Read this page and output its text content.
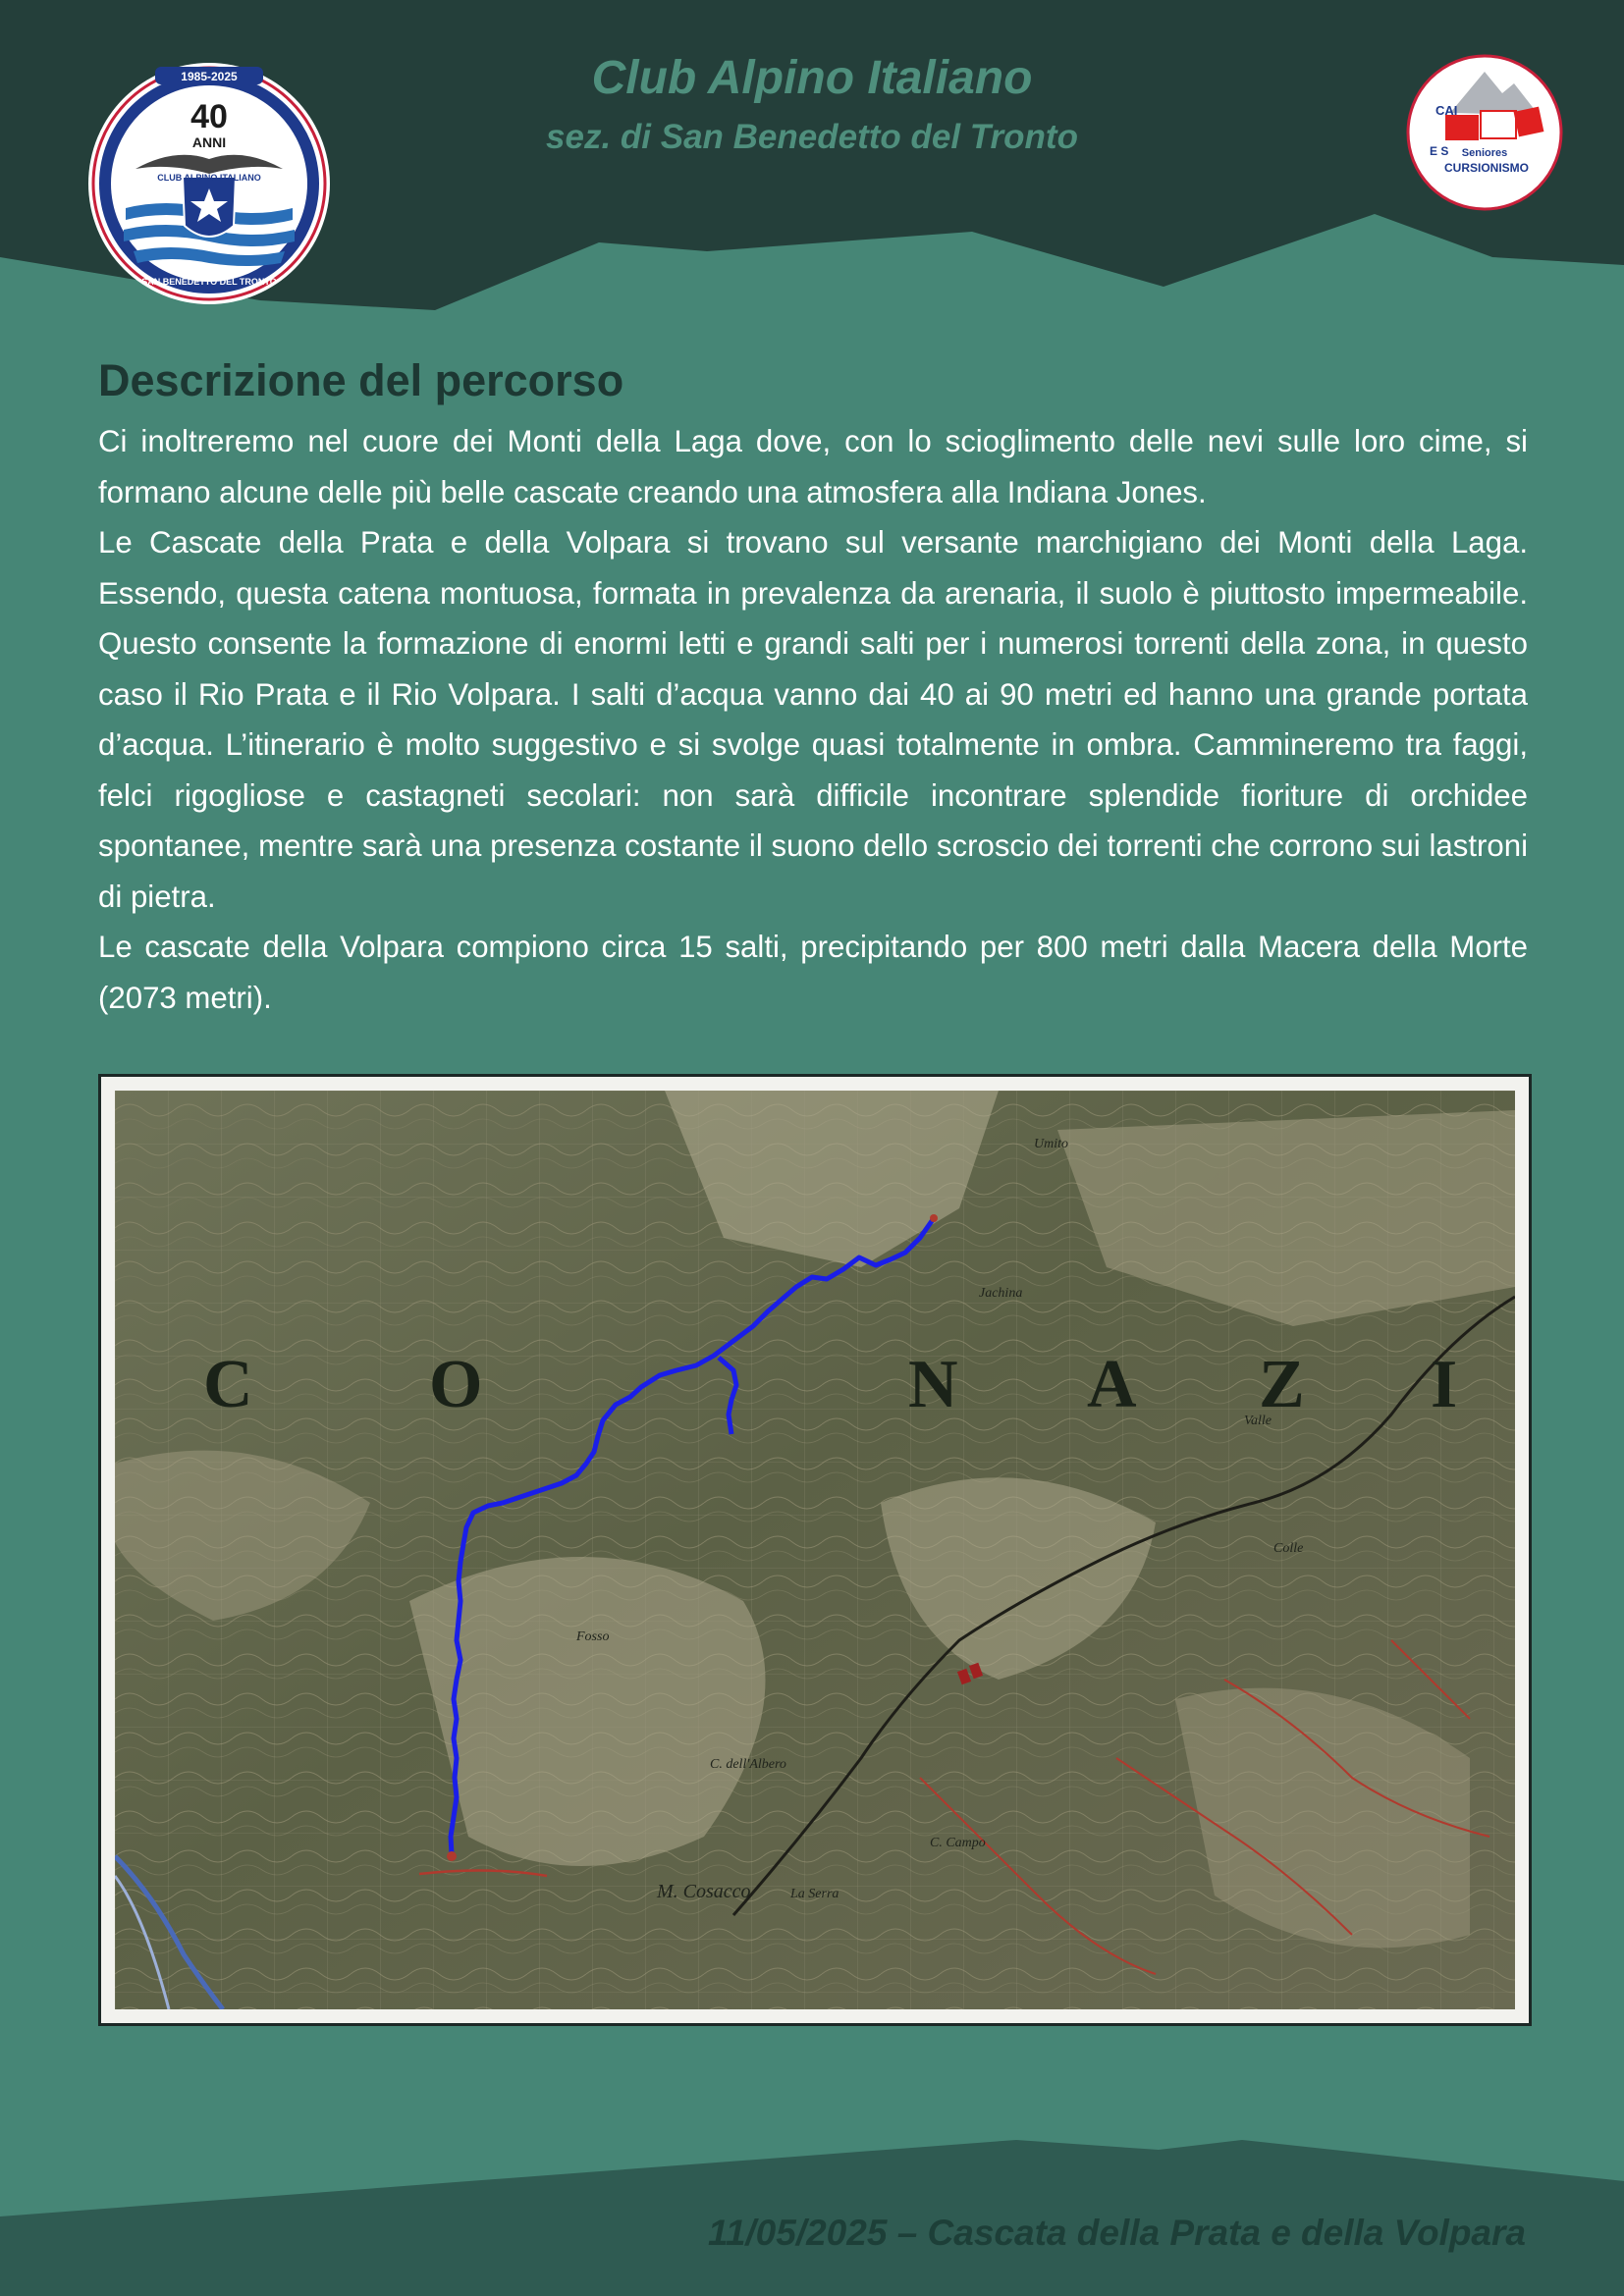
Club Alpino Italiano
sez. di San Benedetto del Tronto
1985-2025
40
ANNI
CLUB ALPINO ITALIANO
SAN BENEDETTO DEL TRONTO
CAI
E S Seniores
CURSIONISMO
Descrizione del percorso

Ci inoltreremo nel cuore dei Monti della Laga dove, con lo scioglimento delle nevi sulle loro cime, si formano alcune delle più belle cascate creando una atmosfera alla Indiana Jones.

Le Cascate della Prata e della Volpara si trovano sul versante marchigiano dei Monti della Laga. Essendo, questa catena montuosa, formata in prevalenza da arenaria, il suolo è piuttosto impermeabile. Questo consente la formazione di enormi letti e grandi salti per i numerosi torrenti della zona, in questo caso il Rio Prata e il Rio Volpara. I salti d’acqua vanno dai 40 ai 90 metri ed hanno una grande portata d’acqua. L’itinerario è molto suggestivo e si svolge quasi totalmente in ombra. Cammineremo tra faggi, felci rigogliose e castagneti secolari: non sarà difficile incontrare splendide fioriture di orchidee spontanee, mentre sarà una presenza costante il suono dello scroscio dei torrenti che corrono sui lastroni di pietra.

Le cascate della Volpara compiono circa 15 salti, precipitando per 800 metri dalla Macera della Morte (2073 metri).

C	O	N A Z I
Umito
Jachina
M. Cosacco	La Serra
C. Campo
C. dell'Albero
Fosso
Valle
Colle

11/05/2025 – Cascata della Prata e della Volpara
